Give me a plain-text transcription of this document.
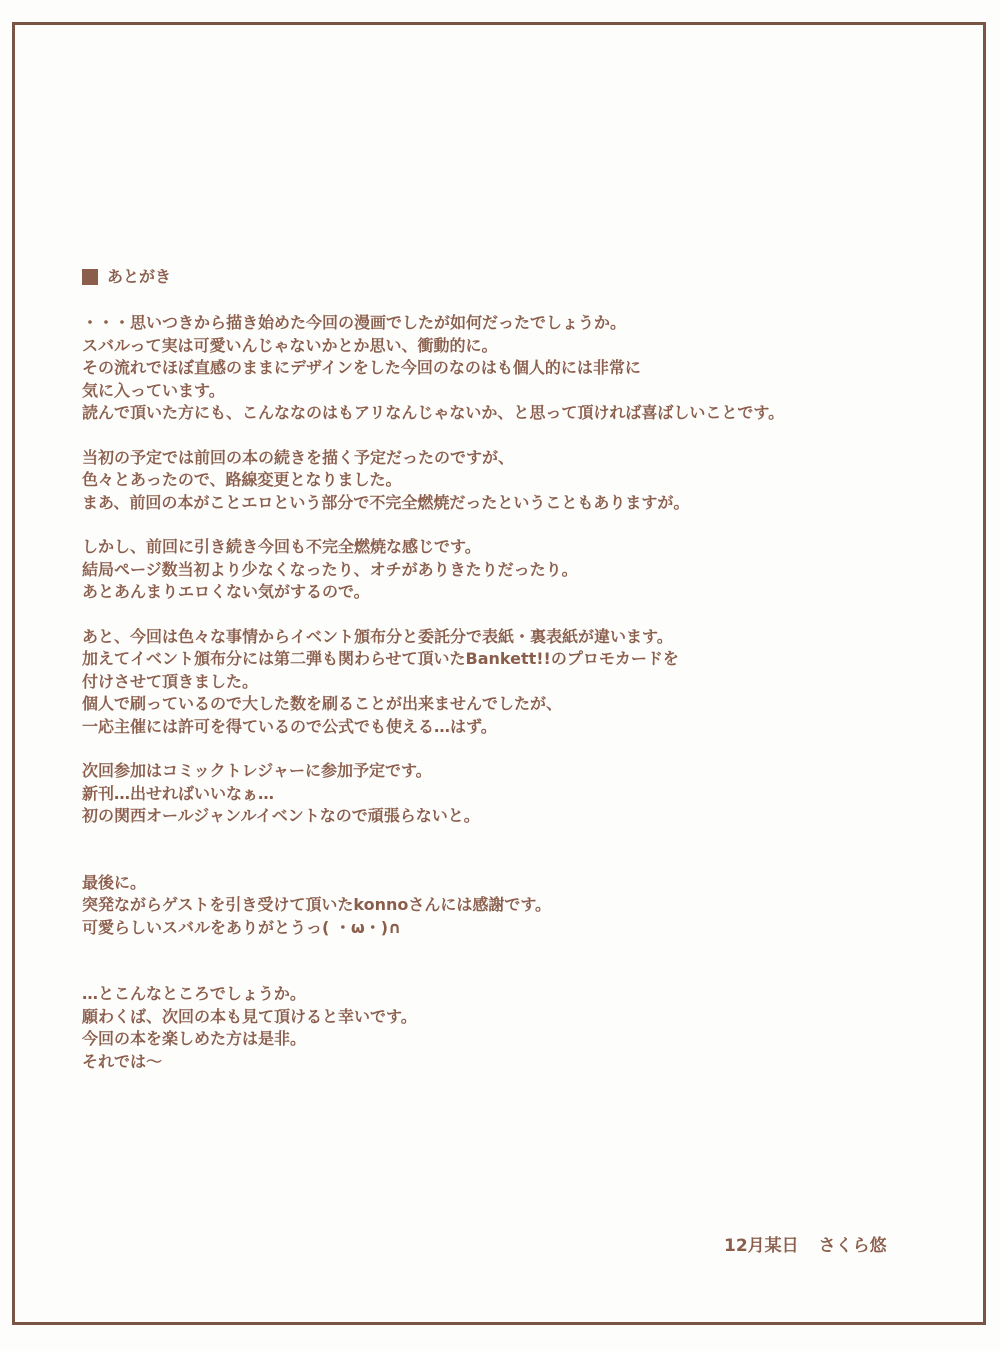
あとがき
・・・思いつきから描き始めた今回の漫画でしたが如何だったでしょうか。
スバルって実は可愛いんじゃないかとか思い、衝動的に。
その流れでほぼ直感のままにデザインをした今回のなのはも個人的には非常に
気に入っています。
読んで頂いた方にも、こんななのはもアリなんじゃないか、と思って頂ければ喜ばしいことです。
当初の予定では前回の本の続きを描く予定だったのですが、
色々とあったので、路線変更となりました。
まあ、前回の本がことエロという部分で不完全燃焼だったということもありますが。
しかし、前回に引き続き今回も不完全燃焼な感じです。
結局ページ数当初より少なくなったり、オチがありきたりだったり。
あとあんまりエロくない気がするので。
あと、今回は色々な事情からイベント頒布分と委託分で表紙・裏表紙が違います。
加えてイベント頒布分には第二弾も関わらせて頂いたBankett!!のプロモカードを
付けさせて頂きました。
個人で刷っているので大した数を刷ることが出来ませんでしたが、
一応主催には許可を得ているので公式でも使える…はず。
次回参加はコミックトレジャーに参加予定です。
新刊…出せればいいなぁ…
初の関西オールジャンルイベントなので頑張らないと。
最後に。
突発ながらゲストを引き受けて頂いたkonnoさんには感謝です。
可愛らしいスバルをありがとうっ( ・ω・)∩
…とこんなところでしょうか。
願わくば、次回の本も見て頂けると幸いです。
今回の本を楽しめた方は是非。
それでは～
12月某日 さくら悠
